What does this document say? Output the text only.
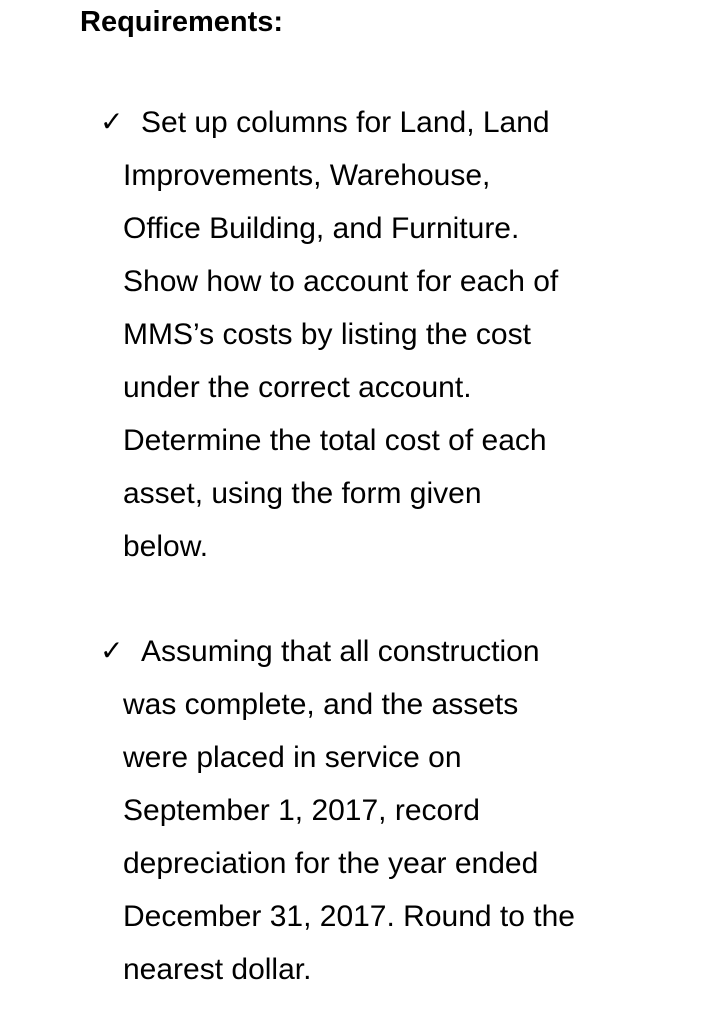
Requirements:
✓ Set up columns for Land, Land
Improvements, Warehouse,
Office Building, and Furniture.
Show how to account for each of
MMS’s costs by listing the cost
under the correct account.
Determine the total cost of each
asset, using the form given
below.
✓ Assuming that all construction
was complete, and the assets
were placed in service on
September 1, 2017, record
depreciation for the year ended
December 31, 2017. Round to the
nearest dollar.
